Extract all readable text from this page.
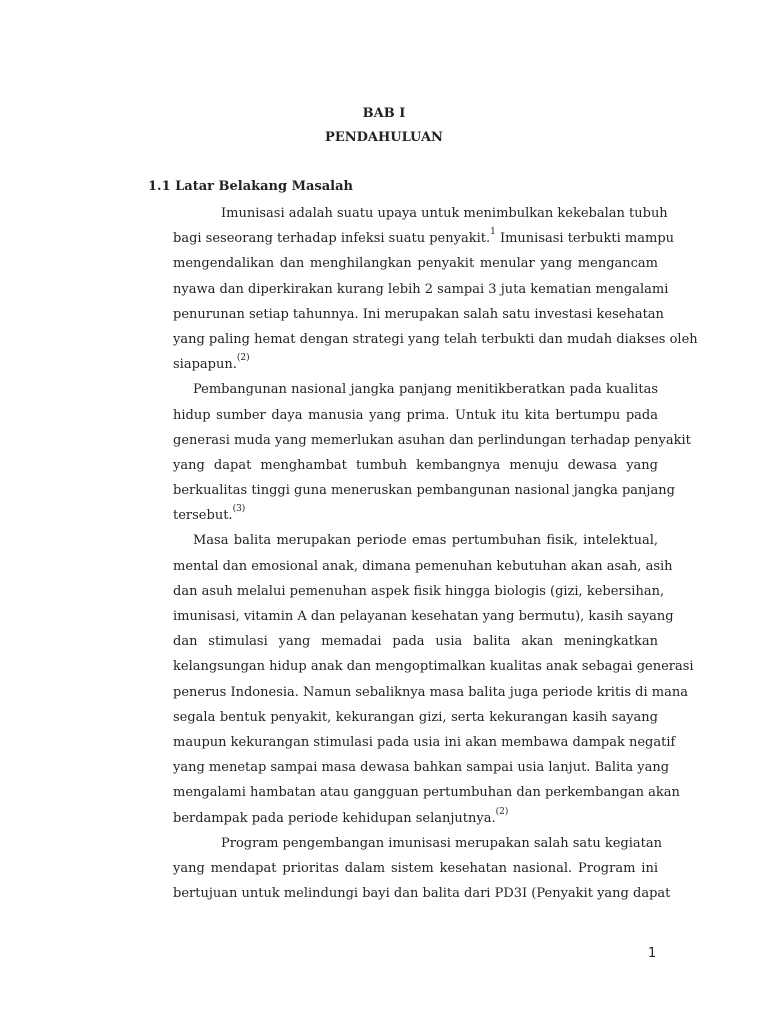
BAB I

PENDAHULUAN

1.1 Latar Belakang Masalah

Imunisasi adalah suatu upaya untuk menimbulkan kekebalan tubuh
bagi seseorang terhadap infeksi suatu penyakit.$^1$ Imunisasi terbukti mampu
mengendalikan dan menghilangkan penyakit menular yang mengancam
nyawa dan diperkirakan kurang lebih 2 sampai 3 juta kematian mengalami
penurunan setiap tahunnya. Ini merupakan salah satu investasi kesehatan
yang paling hemat dengan strategi yang telah terbukti dan mudah diakses oleh
siapapun.$^{(2)}$
Pembangunan nasional jangka panjang menitikberatkan pada kualitas
hidup sumber daya manusia yang prima. Untuk itu kita bertumpu pada
generasi muda yang memerlukan asuhan dan perlindungan terhadap penyakit
yang dapat menghambat tumbuh kembangnya menuju dewasa yang
berkualitas tinggi guna meneruskan pembangunan nasional jangka panjang
tersebut.$^{(3)}$
Masa balita merupakan periode emas pertumbuhan fisik, intelektual,
mental dan emosional anak, dimana pemenuhan kebutuhan akan asah, asih
dan asuh melalui pemenuhan aspek fisik hingga biologis (gizi, kebersihan,
imunisasi, vitamin A dan pelayanan kesehatan yang bermutu), kasih sayang
dan stimulasi yang memadai pada usia balita akan meningkatkan
kelangsungan hidup anak dan mengoptimalkan kualitas anak sebagai generasi
penerus Indonesia. Namun sebaliknya masa balita juga periode kritis di mana
segala bentuk penyakit, kekurangan gizi, serta kekurangan kasih sayang
maupun kekurangan stimulasi pada usia ini akan membawa dampak negatif
yang menetap sampai masa dewasa bahkan sampai usia lanjut. Balita yang
mengalami hambatan atau gangguan pertumbuhan dan perkembangan akan
berdampak pada periode kehidupan selanjutnya.$^{(2)}$
Program pengembangan imunisasi merupakan salah satu kegiatan
yang mendapat prioritas dalam sistem kesehatan nasional. Program ini
bertujuan untuk melindungi bayi dan balita dari PD3I (Penyakit yang dapat
1
